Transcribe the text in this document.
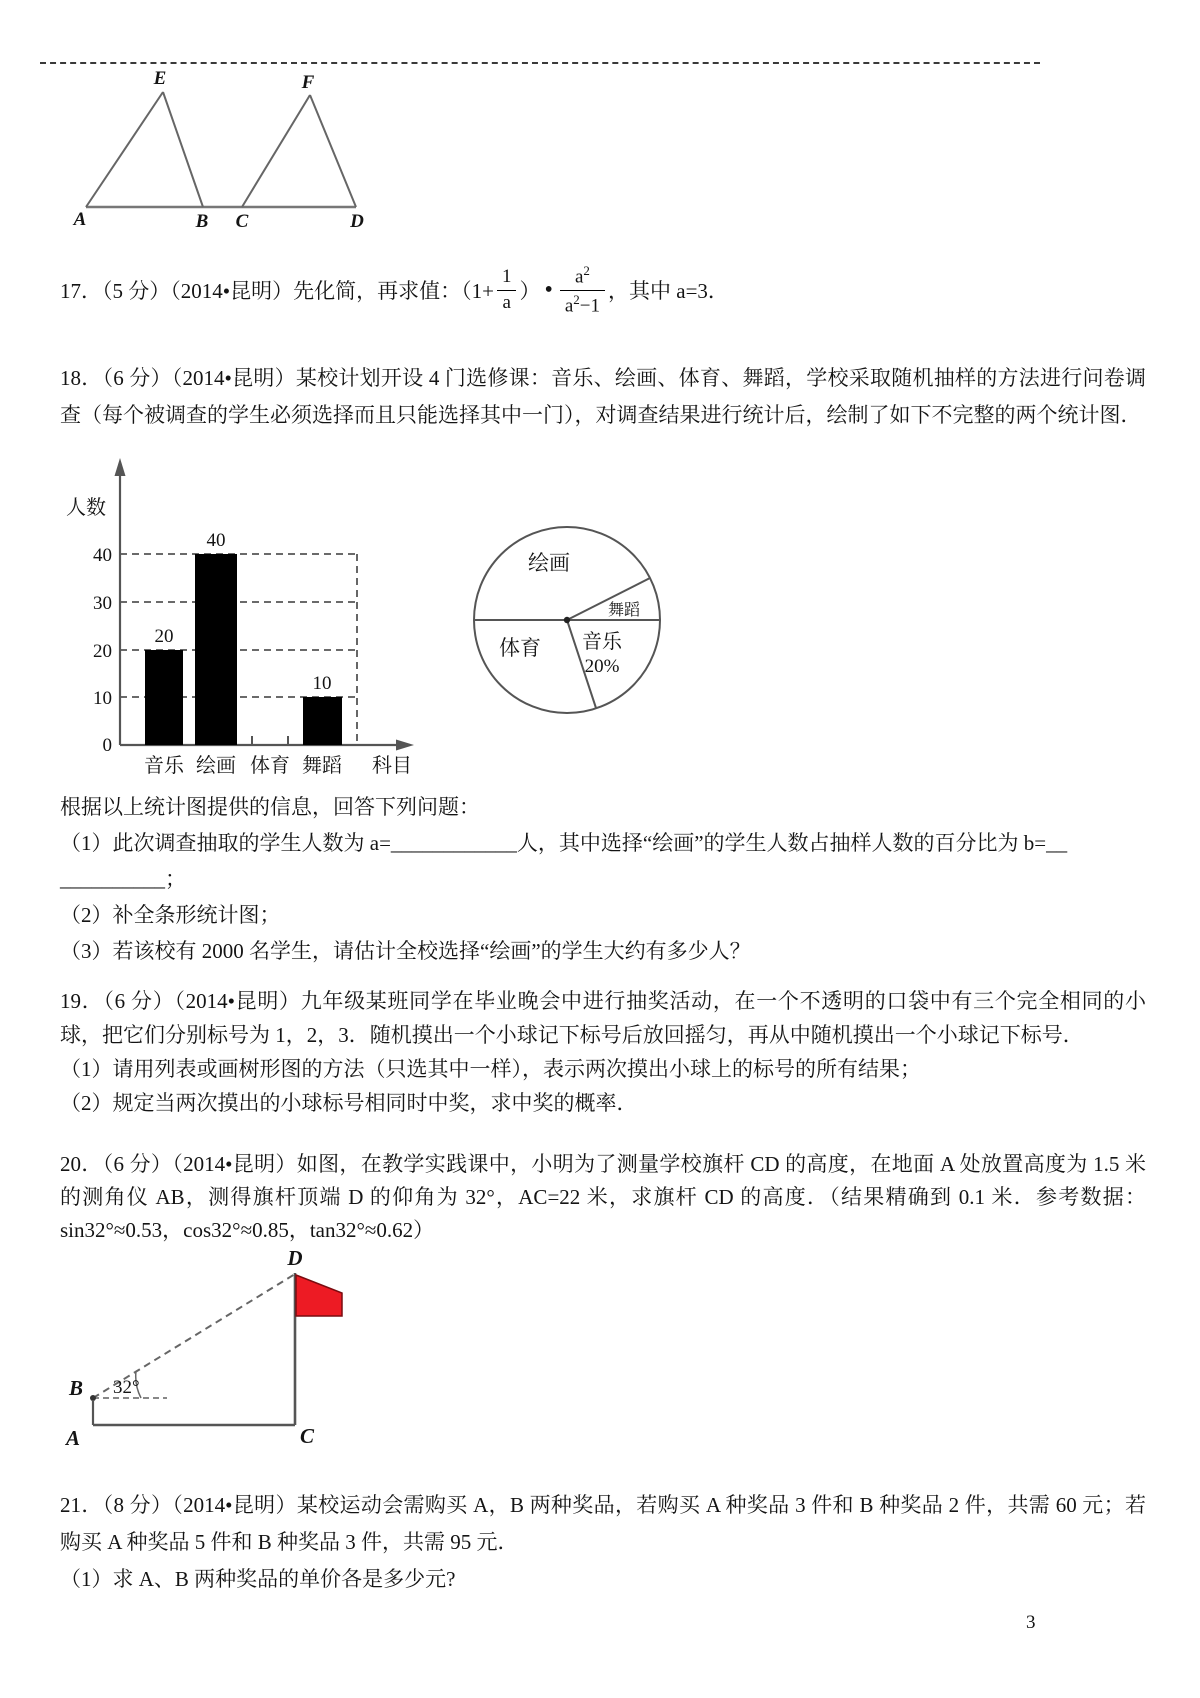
E	F
A	B C	D
17．（5 分）（2014•昆明）先化简，再求值：（$1+ \frac{1}{a}$ ） • $\frac{a^2}{a^2-1}$ ，其中 a=3．
18．（6 分）（2014•昆明）某校计划开设 4 门选修课：音乐、绘画、体育、舞蹈，学校采取随机抽样的方法进行问卷调查（每个被调查的学生必须选择而且只能选择其中一门），对调查结果进行统计后，绘制了如下不完整的两个统计图．
20
40
10
40
30
20
10
0
人数
音乐 绘画 体育 舞蹈 科目
绘画
舞蹈
音乐
20%
体育
根据以上统计图提供的信息，回答下列问题：
（1）此次调查抽取的学生人数为 a=____________人，其中选择“绘画”的学生人数占抽样人数的百分比为 b=__
__________；
（2）补全条形统计图；
（3）若该校有 2000 名学生，请估计全校选择“绘画”的学生大约有多少人？
19．（6 分）（2014•昆明）九年级某班同学在毕业晚会中进行抽奖活动，在一个不透明的口袋中有三个完全相同的小球，把它们分别标号为 1，2，3．随机摸出一个小球记下标号后放回摇匀，再从中随机摸出一个小球记下标号．
（1）请用列表或画树形图的方法（只选其中一样），表示两次摸出小球上的标号的所有结果；
（2）规定当两次摸出的小球标号相同时中奖，求中奖的概率．
20．（6 分）（2014•昆明）如图，在教学实践课中，小明为了测量学校旗杆 CD 的高度，在地面 A 处放置高度为 1.5 米的测角仪 AB，测得旗杆顶端 D 的仰角为 32°，AC=22 米，求旗杆 CD 的高度．（结果精确到 0.1 米．参考数据：sin32°≈0.53，cos32°≈0.85，tan32°≈0.62）
D
B 32°
A	C
21．（8 分）（2014•昆明）某校运动会需购买 A，B 两种奖品，若购买 A 种奖品 3 件和 B 种奖品 2 件，共需 60 元；若购买 A 种奖品 5 件和 B 种奖品 3 件，共需 95 元．
（1）求 A、B 两种奖品的单价各是多少元?
3
